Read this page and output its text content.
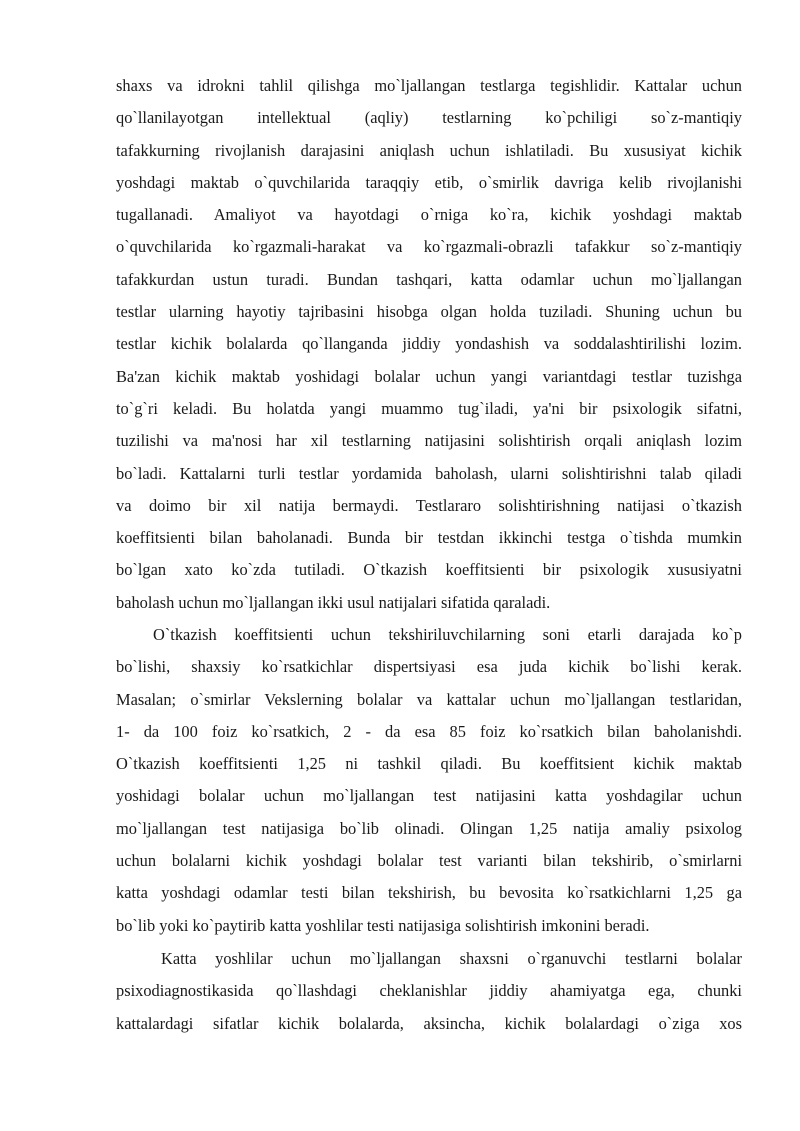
shaxs va idrokni tahlil qilishga mo`ljallangan testlarga tegishlidir. Kattalar uchun
qo`llanilayotgan intellektual (aqliy) testlarning ko`pchiligi so`z-mantiqiy
tafakkurning rivojlanish darajasini aniqlash uchun ishlatiladi. Bu xususiyat kichik
yoshdagi maktab o`quvchilarida taraqqiy etib, o`smirlik davriga kelib rivojlanishi
tugallanadi. Amaliyot va hayotdagi o`rniga ko`ra, kichik yoshdagi maktab
o`quvchilarida ko`rgazmali-harakat va ko`rgazmali-obrazli tafakkur so`z-mantiqiy
tafakkurdan ustun turadi. Bundan tashqari, katta odamlar uchun mo`ljallangan
testlar ularning hayotiy tajribasini hisobga olgan holda tuziladi. Shuning uchun bu
testlar kichik bolalarda qo`llanganda jiddiy yondashish va soddalashtirilishi lozim.
Ba'zan kichik maktab yoshidagi bolalar uchun yangi variantdagi testlar tuzishga
to`g`ri keladi. Bu holatda yangi muammo tug`iladi, ya'ni bir psixologik sifatni,
tuzilishi va ma'nosi har xil testlarning natijasini solishtirish orqali aniqlash lozim
bo`ladi. Kattalarni turli testlar yordamida baholash, ularni solishtirishni talab qiladi
va doimo bir xil natija bermaydi. Testlararo solishtirishning natijasi o`tkazish
koeffitsienti bilan baholanadi. Bunda bir testdan ikkinchi testga o`tishda mumkin
bo`lgan xato ko`zda tutiladi. O`tkazish koeffitsienti bir psixologik xususiyatni
baholash uchun mo`ljallangan ikki usul natijalari sifatida qaraladi.
O`tkazish koeffitsienti uchun tekshiriluvchilarning soni etarli darajada ko`p
bo`lishi, shaxsiy ko`rsatkichlar dispertsiyasi esa juda kichik bo`lishi kerak.
Masalan; o`smirlar Vekslerning bolalar va kattalar uchun mo`ljallangan testlaridan,
1- da 100 foiz ko`rsatkich, 2 - da esa 85 foiz ko`rsatkich bilan baholanishdi.
O`tkazish koeffitsienti 1,25 ni tashkil qiladi. Bu koeffitsient kichik maktab
yoshidagi bolalar uchun mo`ljallangan test natijasini katta yoshdagilar uchun
mo`ljallangan test natijasiga bo`lib olinadi. Olingan 1,25 natija amaliy psixolog
uchun bolalarni kichik yoshdagi bolalar test varianti bilan tekshirib, o`smirlarni
katta yoshdagi odamlar testi bilan tekshirish, bu bevosita ko`rsatkichlarni 1,25 ga
bo`lib yoki ko`paytirib katta yoshlilar testi natijasiga solishtirish imkonini beradi.
Katta yoshlilar uchun mo`ljallangan shaxsni o`rganuvchi testlarni bolalar
psixodiagnostikasida qo`llashdagi cheklanishlar jiddiy ahamiyatga ega, chunki
kattalardagi sifatlar kichik bolalarda, aksincha, kichik bolalardagi o`ziga xos
